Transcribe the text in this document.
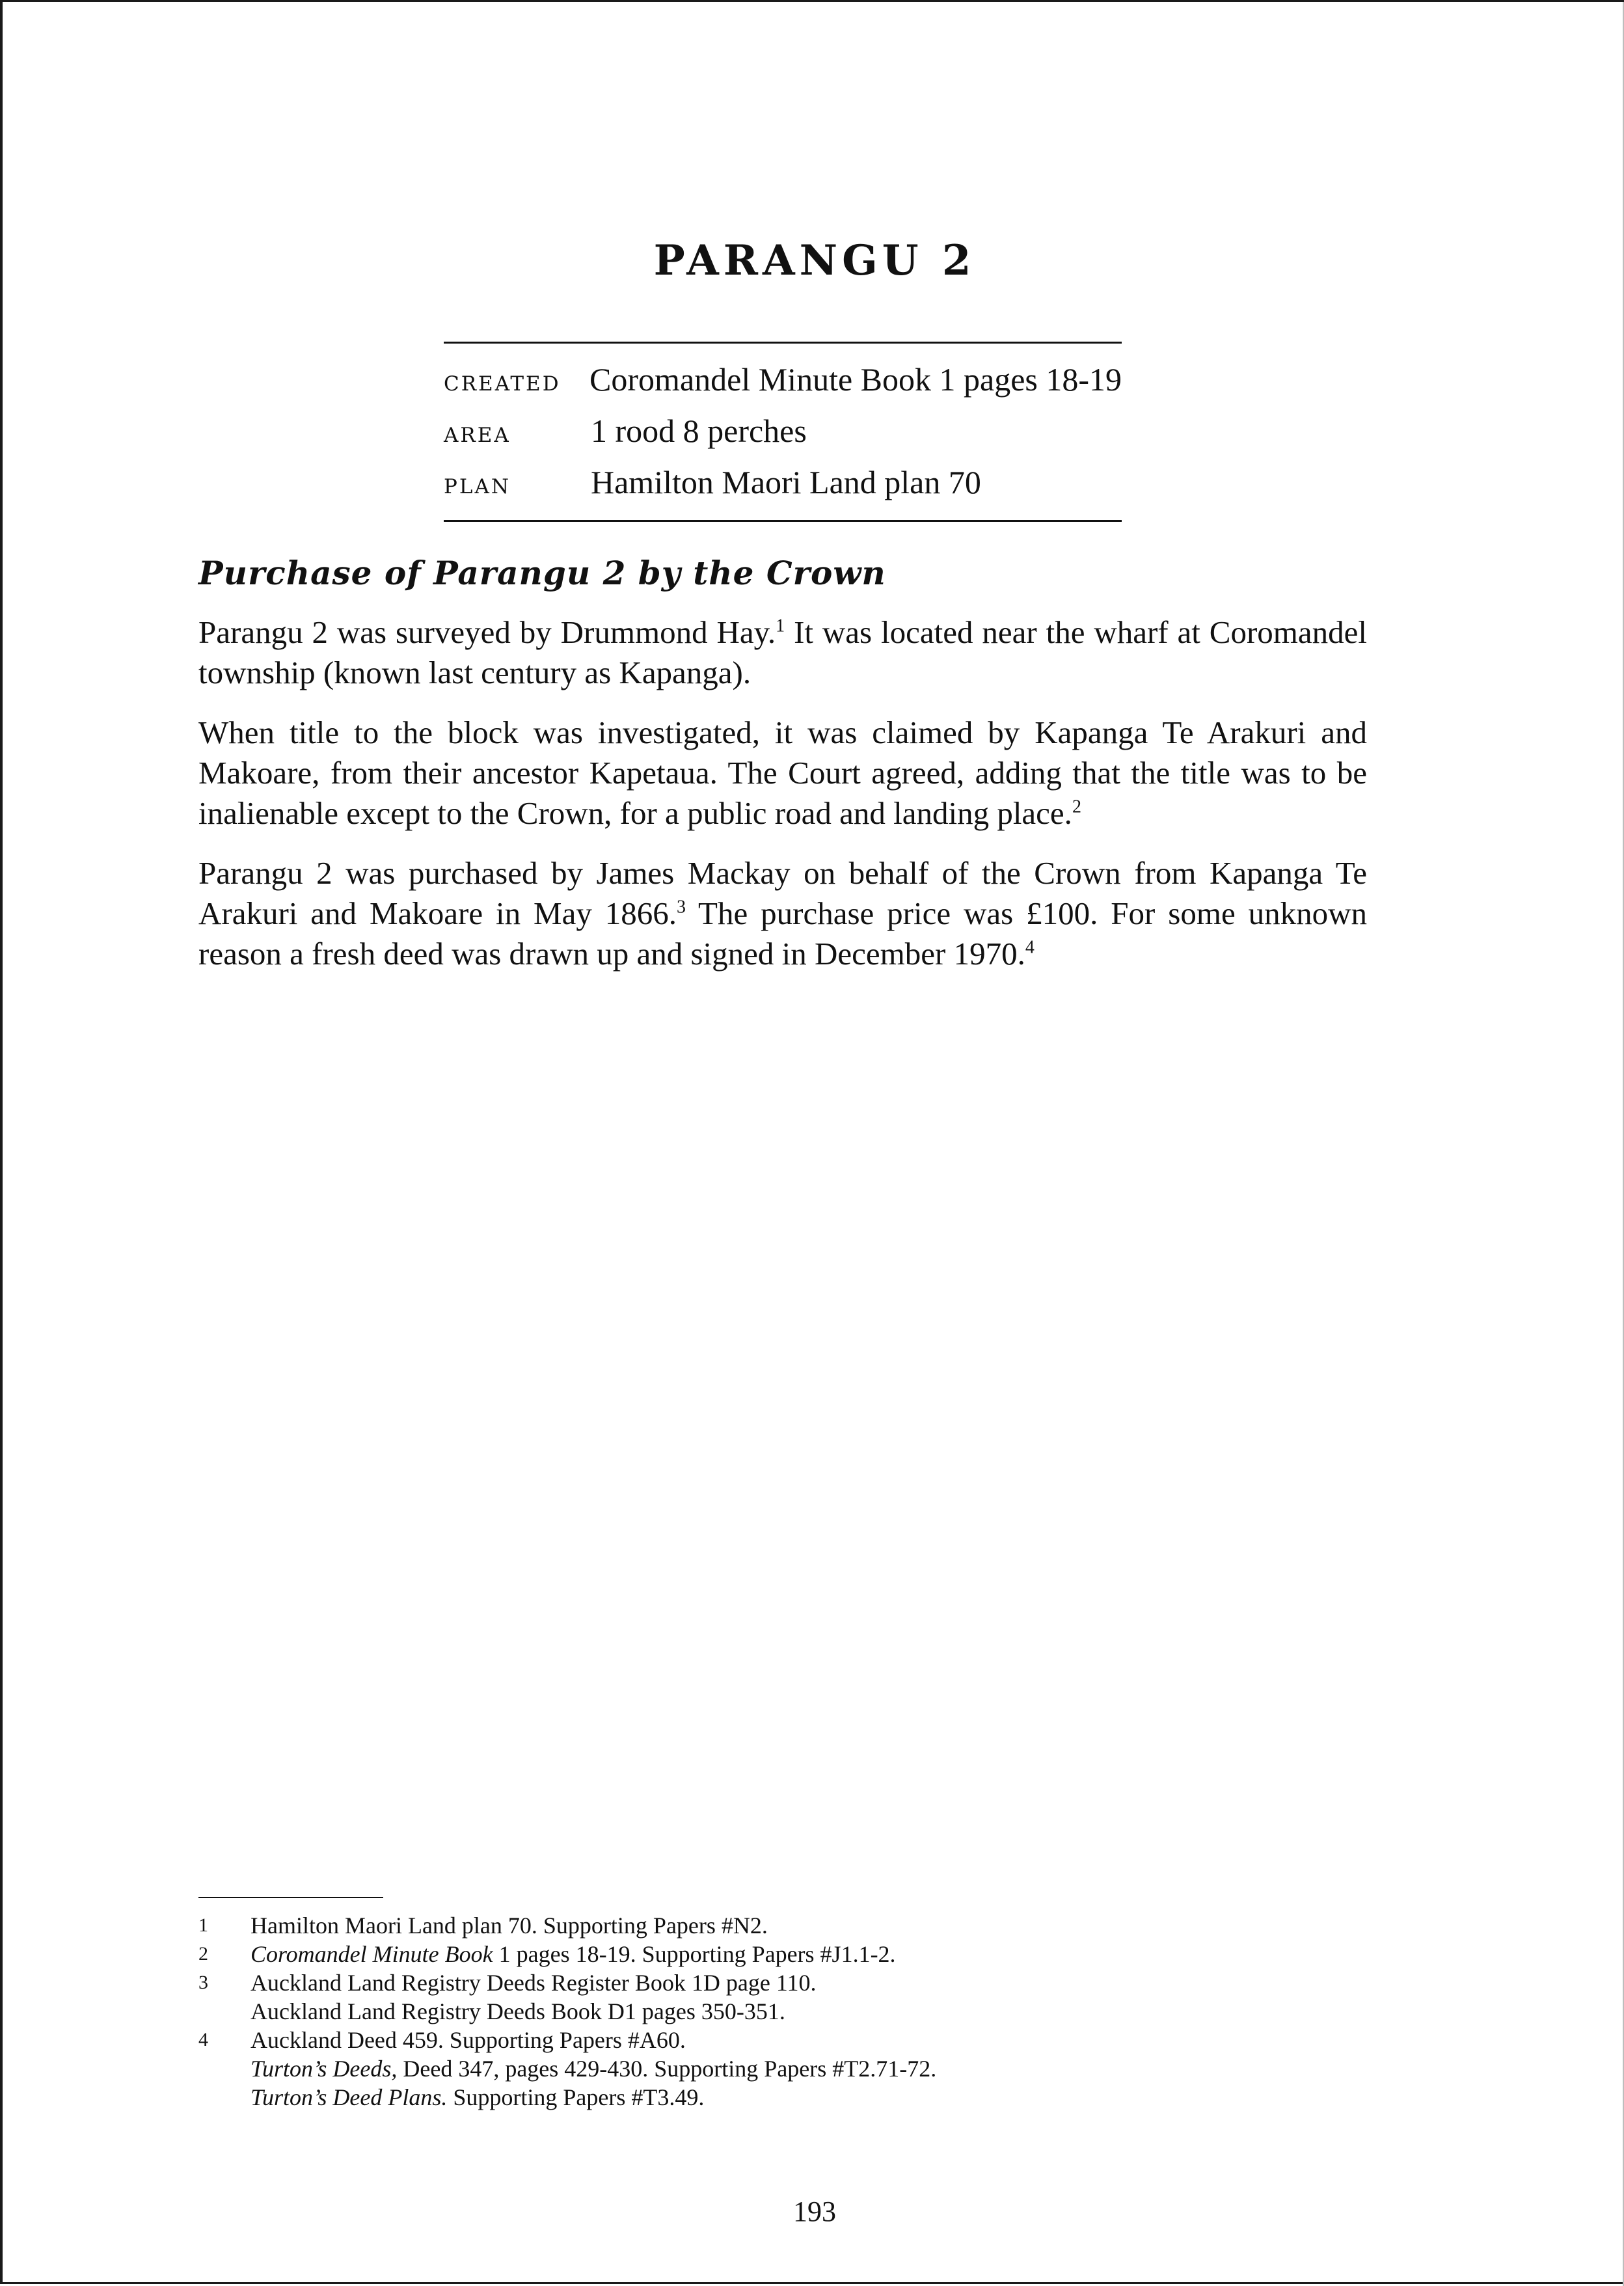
PARANGU 2
CREATED Coromandel Minute Book 1 pages 18-19
AREA	1 rood 8 perches
PLAN	Hamilton Maori Land plan 70
Purchase of Parangu 2 by the Crown

Parangu 2 was surveyed by Drummond Hay.$^1$ It was located near the wharf at Coromandel township (known last century as Kapanga).

When title to the block was investigated, it was claimed by Kapanga Te Arakuri and Makoare, from their ancestor Kapetaua. The Court agreed, adding that the title was to be inalienable except to the Crown, for a public road and landing place.$^2$

Parangu 2 was purchased by James Mackay on behalf of the Crown from Kapanga Te Arakuri and Makoare in May 1866.$^3$ The purchase price was £100. For some unknown reason a fresh deed was drawn up and signed in December 1970.$^4$

1	Hamilton Maori Land plan 70. Supporting Papers #N2.
2	Coromandel Minute Book 1 pages 18-19. Supporting Papers #J1.1-2.
3	Auckland Land Registry Deeds Register Book 1D page 110.
Auckland Land Registry Deeds Book D1 pages 350-351.
4	Auckland Deed 459. Supporting Papers #A60.
Turton’s Deeds, Deed 347, pages 429-430. Supporting Papers #T2.71-72.
Turton’s Deed Plans. Supporting Papers #T3.49.
193
